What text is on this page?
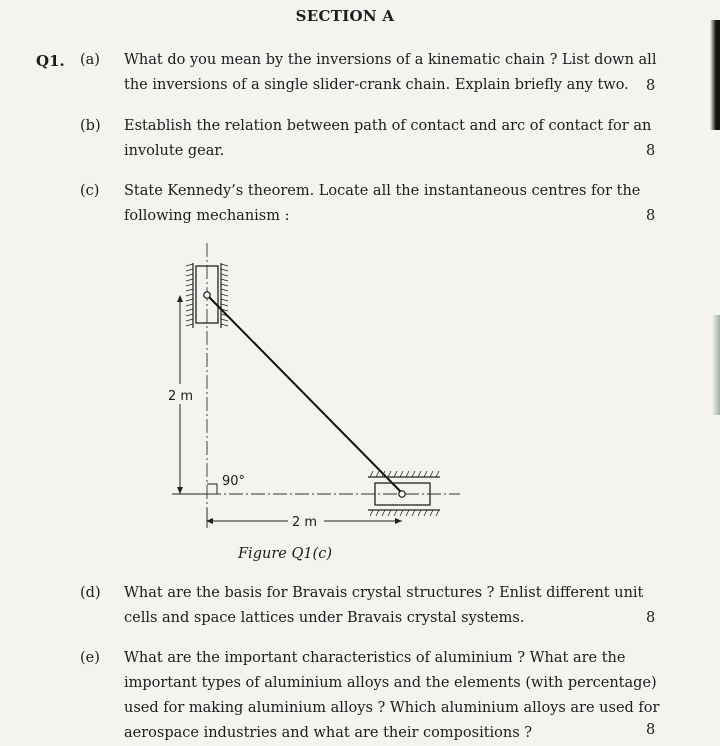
SECTION A
Q1. (a) What do you mean by the inversions of a kinematic chain ? List down all
the inversions of a single slider-crank chain. Explain briefly any two. 8
(b) Establish the relation between path of contact and arc of contact for an
involute gear.	8
(c) State Kennedy’s theorem. Locate all the instantaneous centres for the
following mechanism :	8
2 m
90°
2 m
Figure Q1(c)
(d) What are the basis for Bravais crystal structures ? Enlist different unit
cells and space lattices under Bravais crystal systems.	8
(e) What are the important characteristics of aluminium ? What are the
important types of aluminium alloys and the elements (with percentage)
used for making aluminium alloys ? Which aluminium alloys are used for
aerospace industries and what are their compositions ?	8
